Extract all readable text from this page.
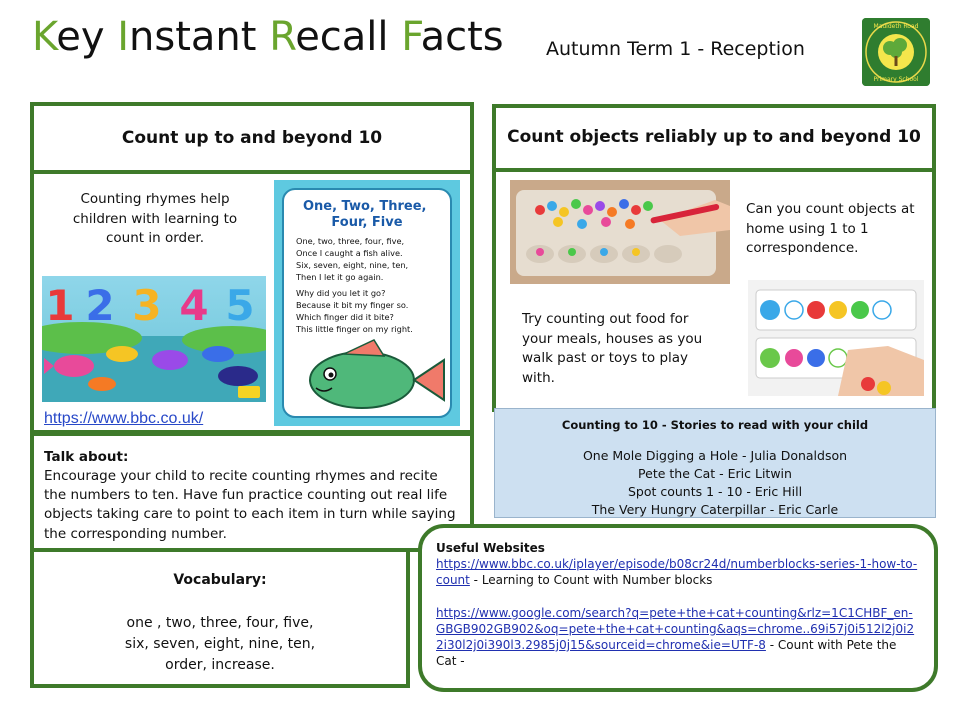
Key Instant Recall Facts Autumn Term 1 - Reception
Mauldeth Road
Primary School
Count up to and beyond 10
Counting rhymes help children with learning to count in order.
1 2 3 4 5
https://www.bbc.co.uk/
One, Two, Three, Four, Five
One, two, three, four, five, Once I caught a fish alive. Six, seven, eight, nine, ten, Then I let it go again. Why did you let it go? Because it bit my finger so. Which finger did it bite? This little finger on my right.
Talk about:
Encourage your child to recite counting rhymes and recite the numbers to ten. Have fun practice counting out real life objects taking care to point to each item in turn while saying the corresponding number.
Vocabulary:
one , two, three, four, five,
six, seven, eight, nine, ten,
order, increase.
Count objects reliably up to and beyond 10
Can you count objects at home using 1 to 1 correspondence.
Try counting out food for your meals, houses as you walk past or toys to play with.
Counting to 10 - Stories to read with your child
One Mole Digging a Hole - Julia Donaldson
Pete the Cat - Eric Litwin
Spot counts 1 - 10 - Eric Hill
The Very Hungry Caterpillar - Eric Carle
Useful Websites
https://www.bbc.co.uk/iplayer/episode/b08cr24d/numberblocks-series-1-how-to-count - Learning to Count with Number blocks
https://www.google.com/search?q=pete+the+cat+counting&rlz=1C1CHBF_en-GBGB902GB902&oq=pete+the+cat+counting&aqs=chrome..69i57j0i512l2j0i22i30l2j0i390l3.2985j0j15&sourceid=chrome&ie=UTF-8 - Count with Pete the Cat -
